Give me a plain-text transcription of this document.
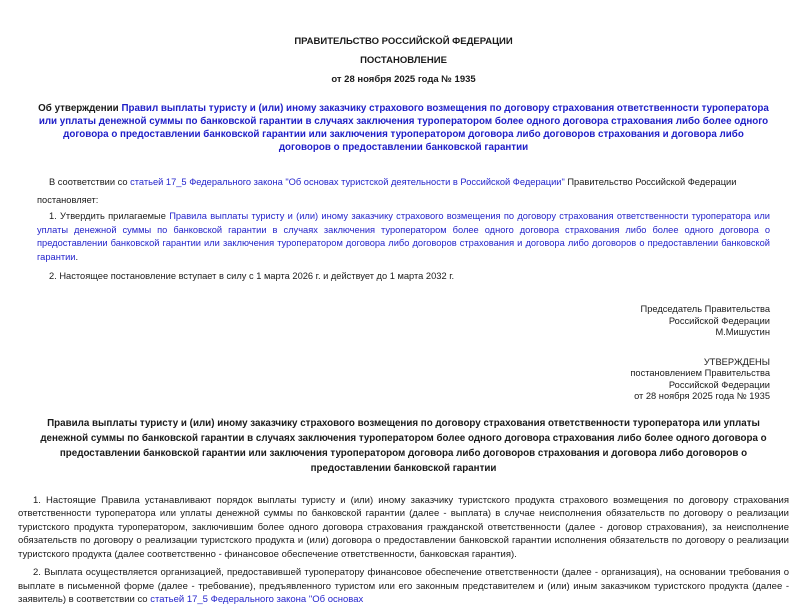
ПРАВИТЕЛЬСТВО РОССИЙСКОЙ ФЕДЕРАЦИИ

ПОСТАНОВЛЕНИЕ

от 28 ноября 2025 года № 1935

Об утверждении Правил выплаты туристу и (или) иному заказчику страхового возмещения по договору страхования ответственности туроператора или уплаты денежной суммы по банковской гарантии в случаях заключения туроператором более одного договора страхования либо более одного договора о предоставлении банковской гарантии или заключения туроператором договора либо договоров страхования и договора либо договоров о предоставлении банковской гарантии

В соответствии со статьей 17_5 Федерального закона "Об основах туристской деятельности в Российской Федерации" Правительство Российской Федерации

постановляет:

1. Утвердить прилагаемые Правила выплаты туристу и (или) иному заказчику страхового возмещения по договору страхования ответственности туроператора или уплаты денежной суммы по банковской гарантии в случаях заключения туроператором более одного договора страхования либо более одного договора о предоставлении банковской гарантии или заключения туроператором договора либо договоров страхования и договора либо договоров о предоставлении банковской гарантии.

2. Настоящее постановление вступает в силу с 1 марта 2026 г. и действует до 1 марта 2032 г.

Председатель Правительства
Российской Федерации
М.Мишустин
УТВЕРЖДЕНЫ
постановлением Правительства
Российской Федерации
от 28 ноября 2025 года № 1935
Правила выплаты туристу и (или) иному заказчику страхового возмещения по договору страхования ответственности туроператора или уплаты денежной суммы по банковской гарантии в случаях заключения туроператором более одного договора страхования либо более одного договора о предоставлении банковской гарантии или заключения туроператором договора либо договоров страхования и договора либо договоров о предоставлении банковской гарантии

1. Настоящие Правила устанавливают порядок выплаты туристу и (или) иному заказчику туристского продукта страхового возмещения по договору страхования ответственности туроператора или уплаты денежной суммы по банковской гарантии (далее - выплата) в случае неисполнения обязательств по договору о реализации туристского продукта туроператором, заключившим более одного договора страхования гражданской ответственности (далее - договор страхования), за неисполнение обязательств по договору о реализации туристского продукта и (или) договора о предоставлении банковской гарантии исполнения обязательств по договору о реализации туристского продукта (далее соответственно - финансовое обеспечение ответственности, банковская гарантия).

2. Выплата осуществляется организацией, предоставившей туроператору финансовое обеспечение ответственности (далее - организация), на основании требования о выплате в письменной форме (далее - требование), предъявленного туристом или его законным представителем и (или) иным заказчиком туристского продукта (далее - заявитель) в соответствии со статьей 17_5 Федерального закона "Об основах
